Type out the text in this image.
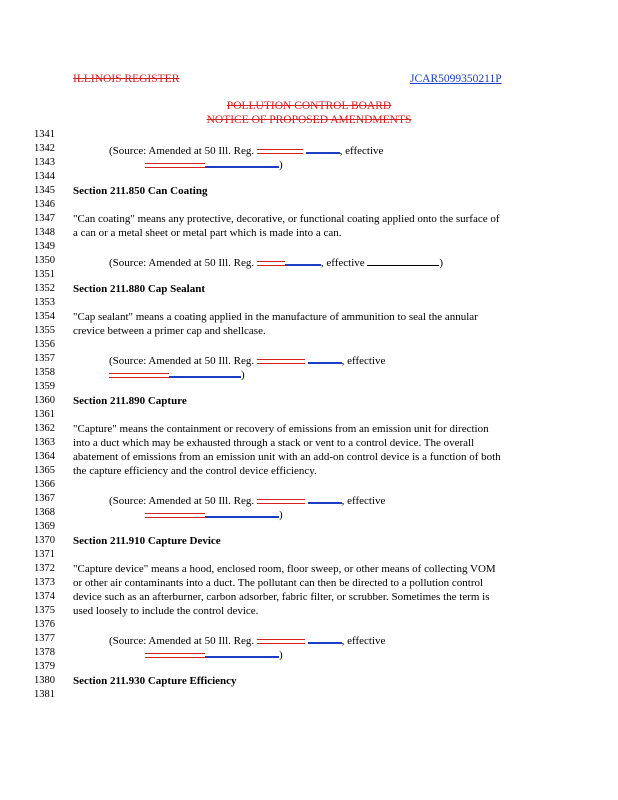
ILLINOIS REGISTER	JCAR5099350211P
POLLUTION CONTROL BOARD
NOTICE OF PROPOSED AMENDMENTS
1341
1342	(Source: Amended at 50 Ill. Reg.	, effective
1343	)
1344
1345 Section 211.850 Can Coating
1346
1347 "Can coating" means any protective, decorative, or functional coating applied onto the surface of
1348 a can or a metal sheet or metal part which is made into a can.
1349
1350	(Source: Amended at 50 Ill. Reg.	, effective	)
1351
1352 Section 211.880 Cap Sealant
1353
1354 "Cap sealant" means a coating applied in the manufacture of ammunition to seal the annular
1355 crevice between a primer cap and shellcase.
1356
1357	(Source: Amended at 50 Ill. Reg.	, effective
1358	)
1359
1360 Section 211.890 Capture
1361
1362 "Capture" means the containment or recovery of emissions from an emission unit for direction
1363 into a duct which may be exhausted through a stack or vent to a control device. The overall
1364 abatement of emissions from an emission unit with an add-on control device is a function of both
1365 the capture efficiency and the control device efficiency.
1366
1367	(Source: Amended at 50 Ill. Reg.	, effective
1368	)
1369
1370 Section 211.910 Capture Device
1371
1372 "Capture device" means a hood, enclosed room, floor sweep, or other means of collecting VOM
1373 or other air contaminants into a duct. The pollutant can then be directed to a pollution control
1374 device such as an afterburner, carbon adsorber, fabric filter, or scrubber. Sometimes the term is
1375 used loosely to include the control device.
1376
1377	(Source: Amended at 50 Ill. Reg.	, effective
1378	)
1379
1380 Section 211.930 Capture Efficiency
1381
